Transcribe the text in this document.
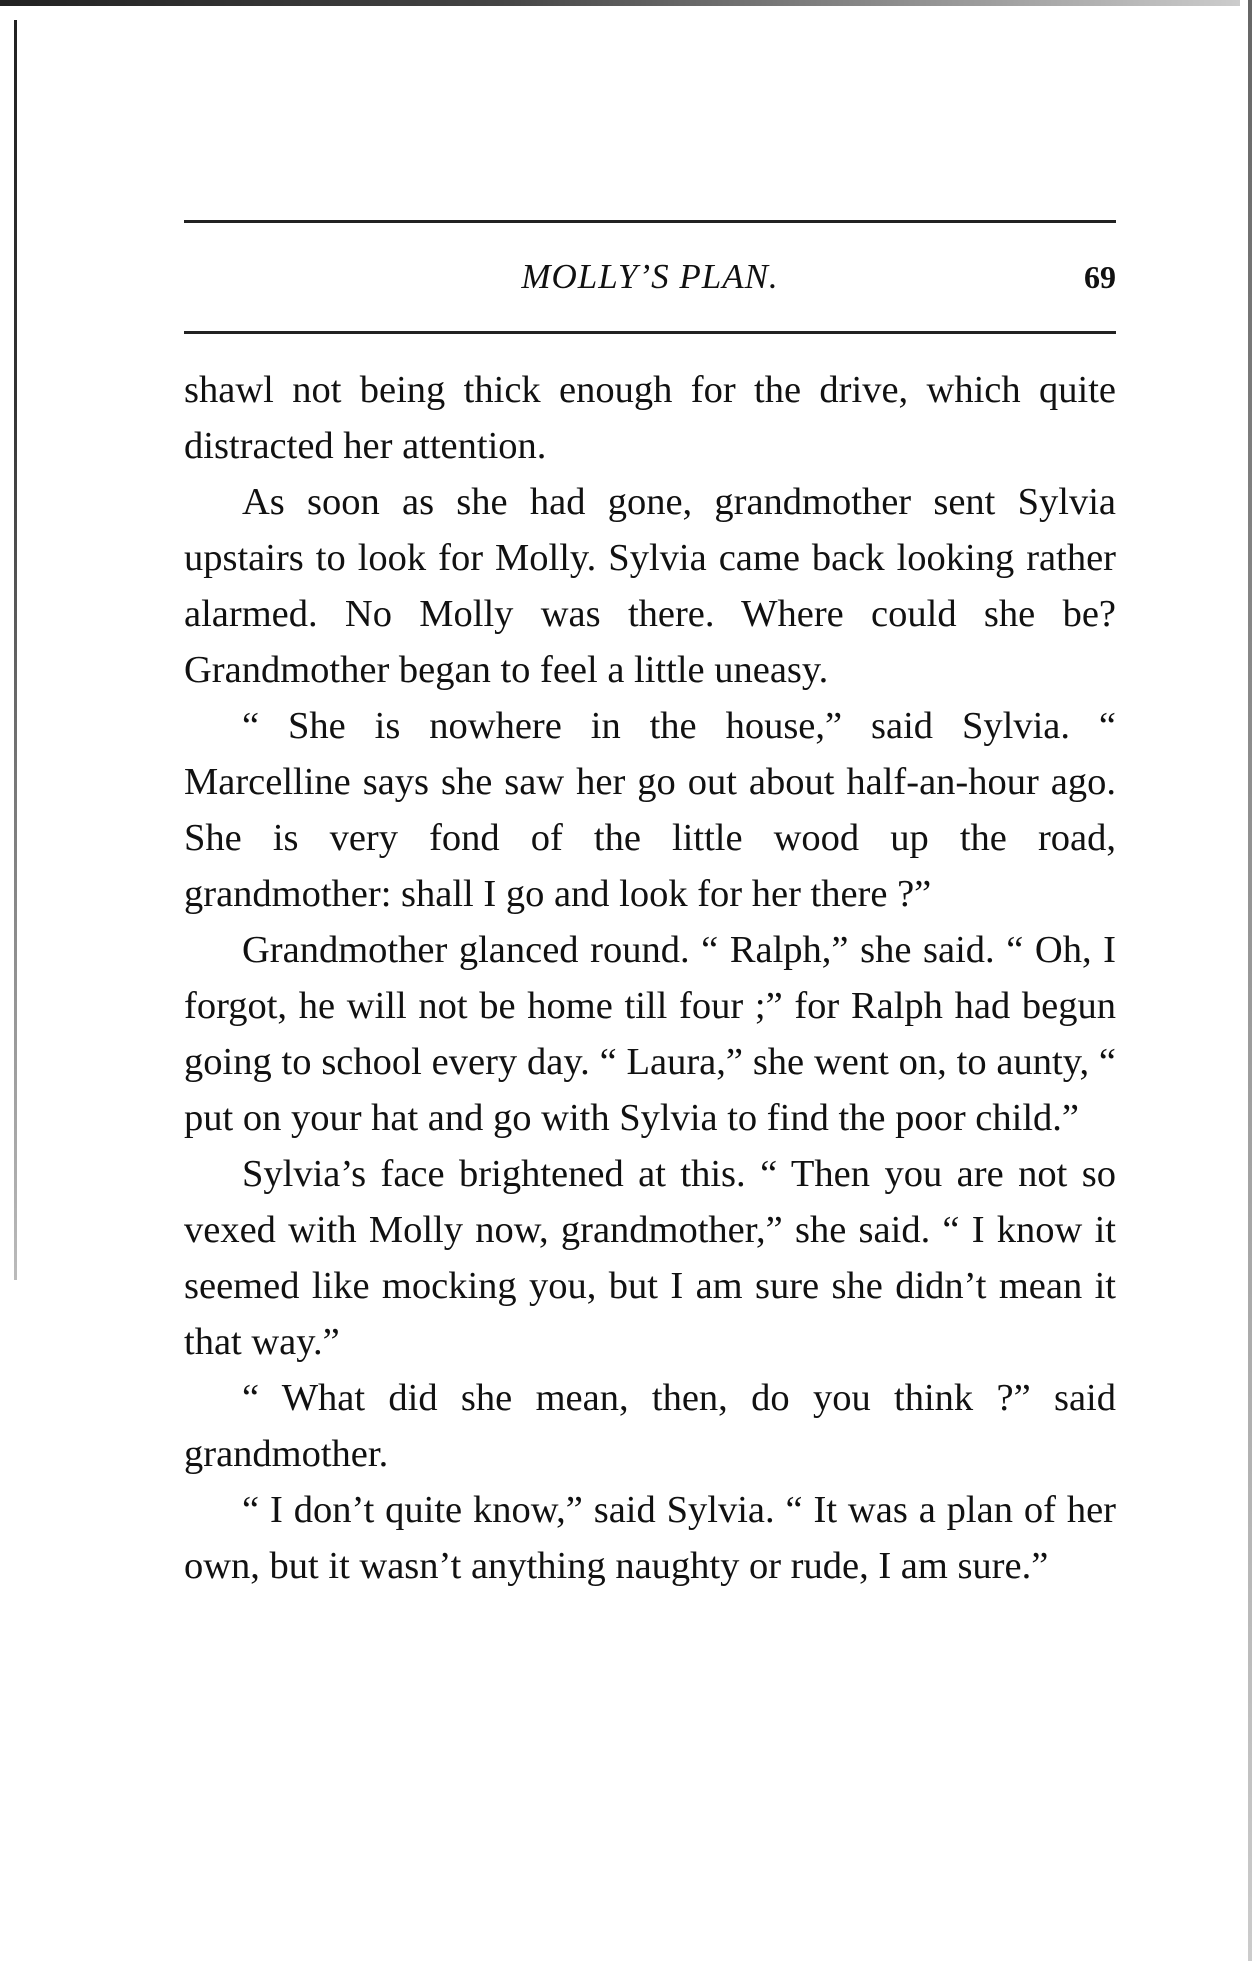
MOLLY’S PLAN.	69

shawl not being thick enough for the drive, which quite distracted her attention.

As soon as she had gone, grandmother sent Sylvia upstairs to look for Molly. Sylvia came back looking rather alarmed. No Molly was there. Where could she be? Grandmother began to feel a little uneasy.

“ She is nowhere in the house,” said Sylvia. “ Marcelline says she saw her go out about half-an-hour ago. She is very fond of the little wood up the road, grandmother: shall I go and look for her there ?”

Grandmother glanced round. “ Ralph,” she said. “ Oh, I forgot, he will not be home till four ;” for Ralph had begun going to school every day. “ Laura,” she went on, to aunty, “ put on your hat and go with Sylvia to find the poor child.”

Sylvia’s face brightened at this. “ Then you are not so vexed with Molly now, grandmother,” she said. “ I know it seemed like mocking you, but I am sure she didn’t mean it that way.”

“ What did she mean, then, do you think ?” said grandmother.

“ I don’t quite know,” said Sylvia. “ It was a plan of her own, but it wasn’t anything naughty or rude, I am sure.”
